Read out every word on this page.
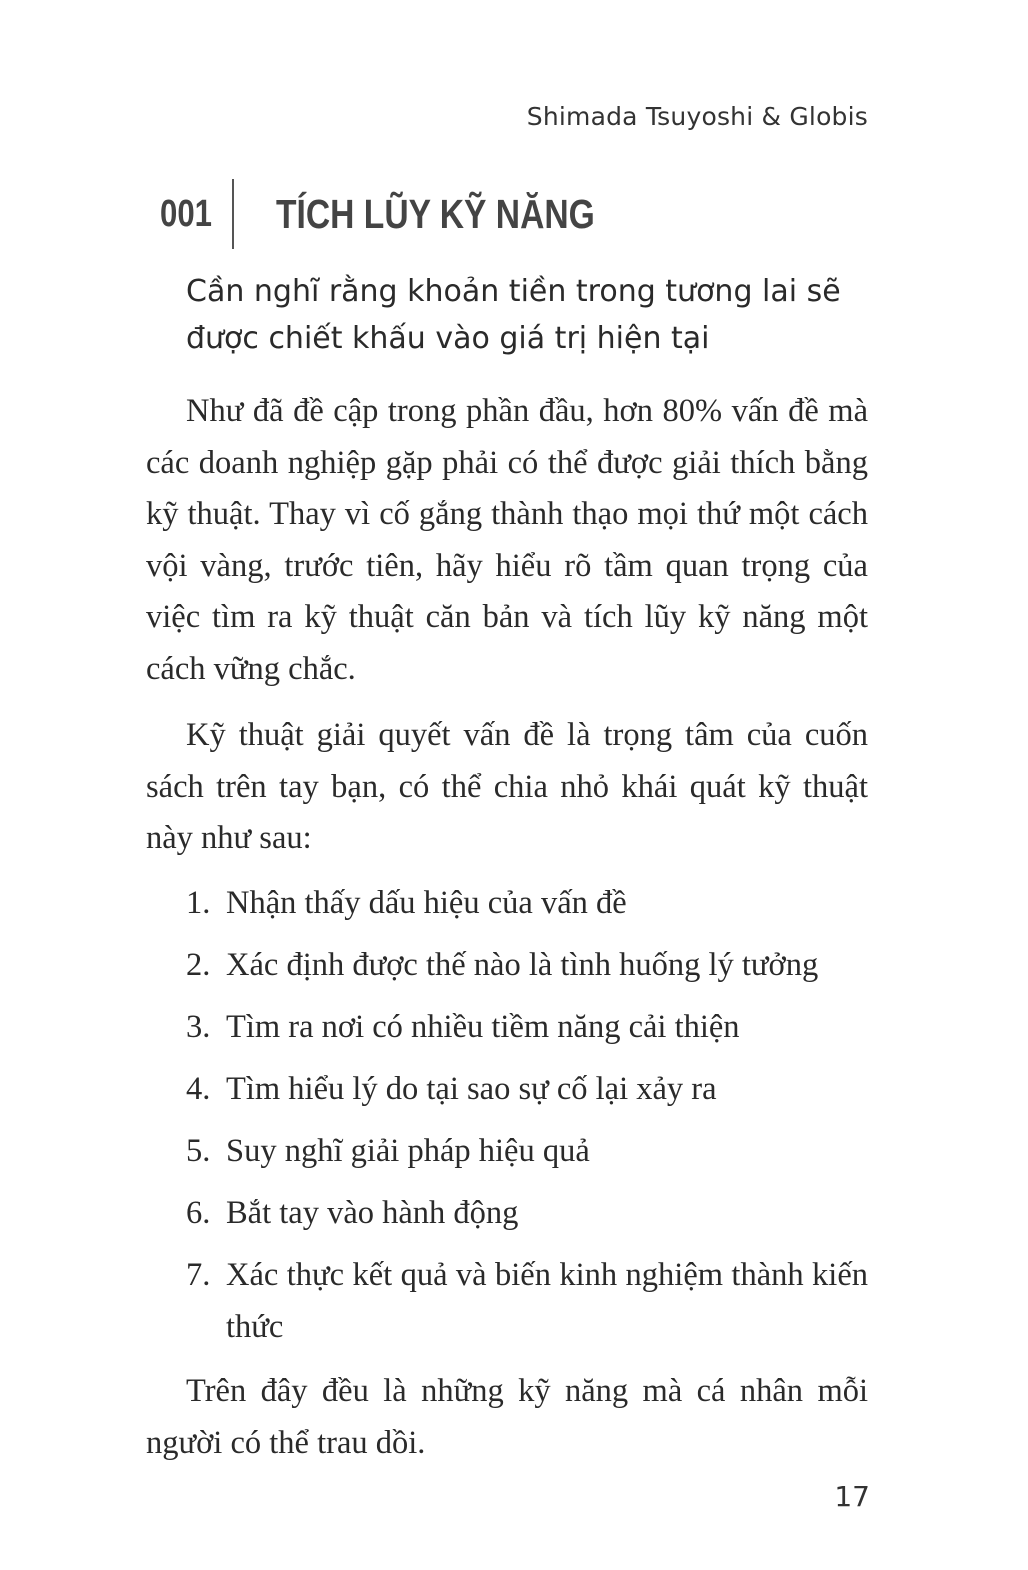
Shimada Tsuyoshi & Globis
001 TÍCH LŨY KỸ NĂNG

Cần nghĩ rằng khoản tiền trong tương lai sẽ được chiết khấu vào giá trị hiện tại

Như đã đề cập trong phần đầu, hơn 80% vấn đề mà các doanh nghiệp gặp phải có thể được giải thích bằng kỹ thuật. Thay vì cố gắng thành thạo mọi thứ một cách vội vàng, trước tiên, hãy hiểu rõ tầm quan trọng của việc tìm ra kỹ thuật căn bản và tích lũy kỹ năng một cách vững chắc.

Kỹ thuật giải quyết vấn đề là trọng tâm của cuốn sách trên tay bạn, có thể chia nhỏ khái quát kỹ thuật này như sau:

1. Nhận thấy dấu hiệu của vấn đề
2. Xác định được thế nào là tình huống lý tưởng
3. Tìm ra nơi có nhiều tiềm năng cải thiện
4. Tìm hiểu lý do tại sao sự cố lại xảy ra
5. Suy nghĩ giải pháp hiệu quả
6. Bắt tay vào hành động
7. Xác thực kết quả và biến kinh nghiệm thành kiến thức

Trên đây đều là những kỹ năng mà cá nhân mỗi người có thể trau dồi.

17
